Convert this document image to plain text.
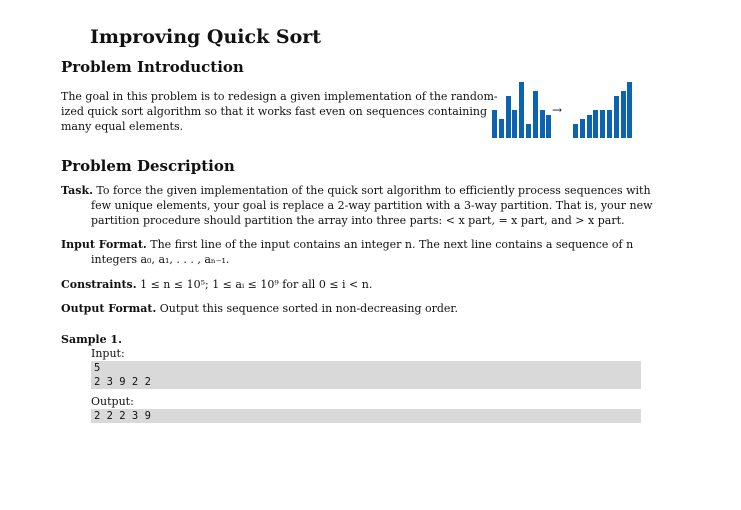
Improving Quick Sort
Problem Introduction
The goal in this problem is to redesign a given implementation of the random-
ized quick sort algorithm so that it works fast even on sequences containing
many equal elements.
→
Problem Description
Task. To force the given implementation of the quick sort algorithm to efficiently process sequences with
few unique elements, your goal is replace a 2-way partition with a 3-way partition. That is, your new
partition procedure should partition the array into three parts: < x part, = x part, and > x part.
Input Format. The first line of the input contains an integer n. The next line contains a sequence of n
integers a₀, a₁, . . . , aₙ₋₁.
Constraints. 1 ≤ n ≤ 10⁵; 1 ≤ aᵢ ≤ 10⁹ for all 0 ≤ i < n.
Output Format. Output this sequence sorted in non-decreasing order.
Sample 1.
Input:
5
2 3 9 2 2
Output:
2 2 2 3 9
